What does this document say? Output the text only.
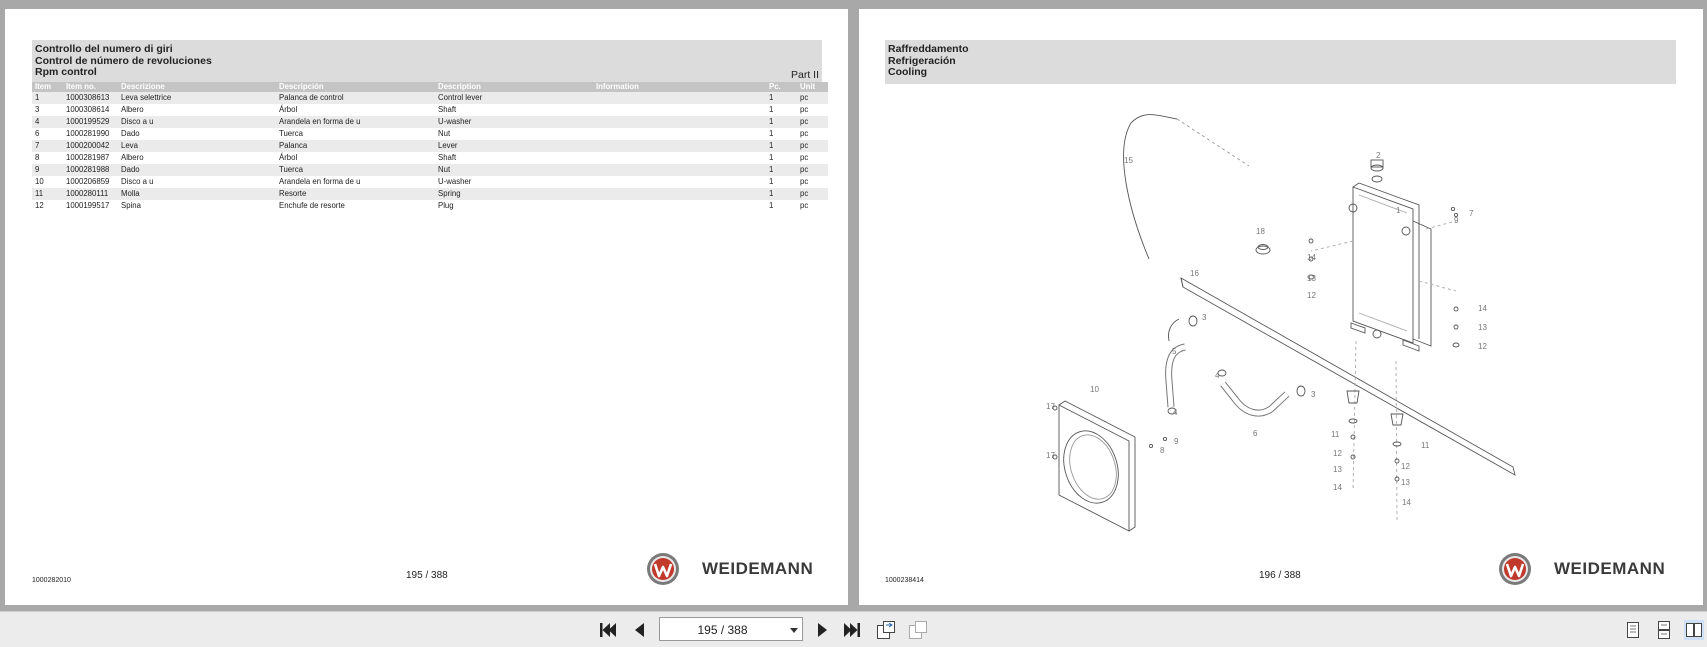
Controllo del numero di giri
Control de número de revoluciones
Rpm control	Part II
Item	Item no.	Descrizione	Descripción	Description	Information	Pc.	Unit
1	1000308613	Leva selettrice	Palanca de control	Control lever		1	pc
3	1000308614	Albero	Árbol	Shaft		1	pc
4	1000199529	Disco a u	Arandela en forma de u	U-washer		1	pc
6	1000281990	Dado	Tuerca	Nut		1	pc
7	1000200042	Leva	Palanca	Lever		1	pc
8	1000281987	Albero	Árbol	Shaft		1	pc
9	1000281988	Dado	Tuerca	Nut		1	pc
10	1000206859	Disco a u	Arandela en forma de u	U-washer		1	pc
11	1000280111	Molla	Resorte	Spring		1	pc
12	1000199517	Spina	Enchufe de resorte	Plug		1	pc
1000282010	195 / 388	WEIDEMANN
Raffreddamento
Refrigeración
Cooling
15
2
1	7
9
18
14
13
12
16
3
5
4
14
13
12
4
3
6
10
17
17
8
9
11
11
12
12
13
13
14
14
1000238414	196 / 388	WEIDEMANN
195 / 388
